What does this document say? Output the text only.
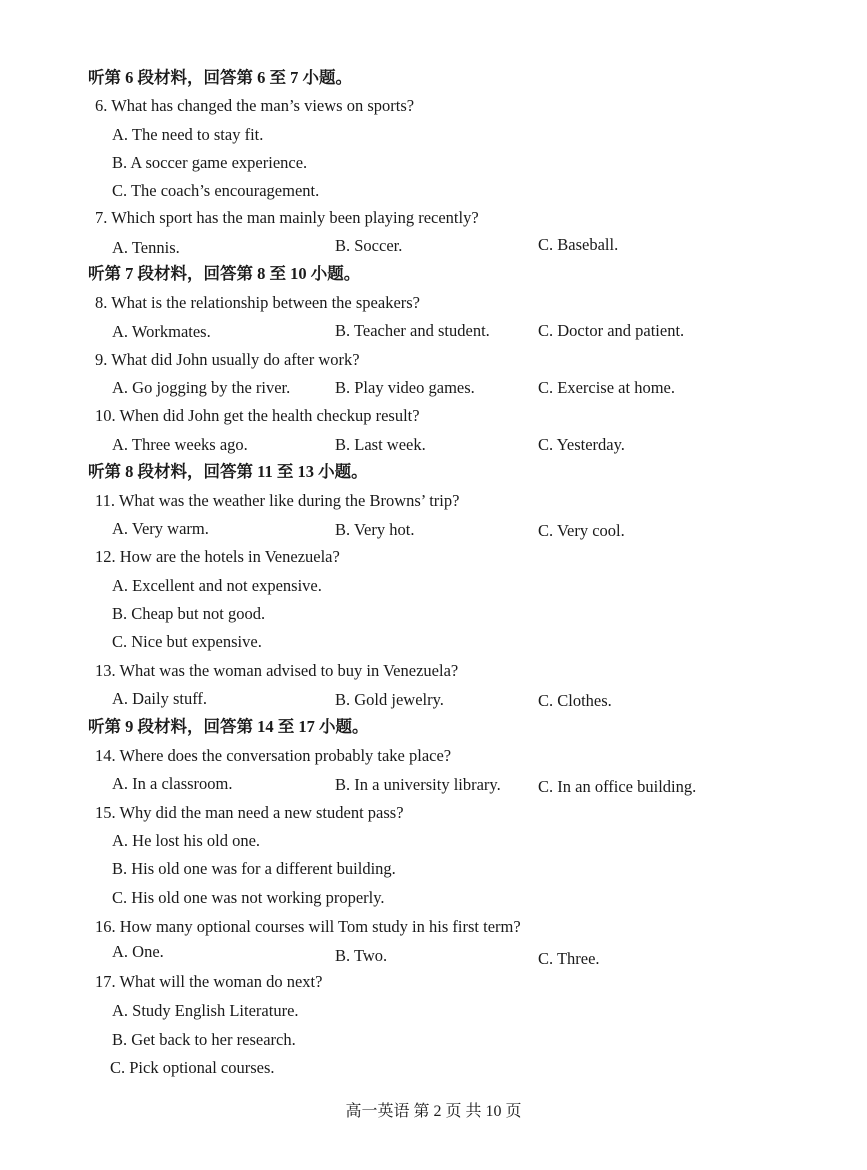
听第 6 段材料，回答第 6 至 7 小题。
6. What has changed the man’s views on sports?
A. The need to stay fit.
B. A soccer game experience.
C. The coach’s encouragement.
7. Which sport has the man mainly been playing recently?
A. Tennis.	B. Soccer.	C. Baseball.
听第 7 段材料，回答第 8 至 10 小题。
8. What is the relationship between the speakers?
A. Workmates.	B. Teacher and student.	C. Doctor and patient.
9. What did John usually do after work?
A. Go jogging by the river.	B. Play video games.	C. Exercise at home.
10. When did John get the health checkup result?
A. Three weeks ago.	B. Last week.	C. Yesterday.
听第 8 段材料，回答第 11 至 13 小题。
11. What was the weather like during the Browns’ trip?
A. Very warm.	B. Very hot.	C. Very cool.
12. How are the hotels in Venezuela?
A. Excellent and not expensive.
B. Cheap but not good.
C. Nice but expensive.
13. What was the woman advised to buy in Venezuela?
A. Daily stuff.	B. Gold jewelry.	C. Clothes.
听第 9 段材料，回答第 14 至 17 小题。
14. Where does the conversation probably take place?
A. In a classroom.	B. In a university library. C. In an office building.
15. Why did the man need a new student pass?
A. He lost his old one.
B. His old one was for a different building.
C. His old one was not working properly.
16. How many optional courses will Tom study in his first term?
A. One.	B. Two.	C. Three.
17. What will the woman do next?
A. Study English Literature.
B. Get back to her research.
C. Pick optional courses.
高一英语 第 2 页 共 10 页
